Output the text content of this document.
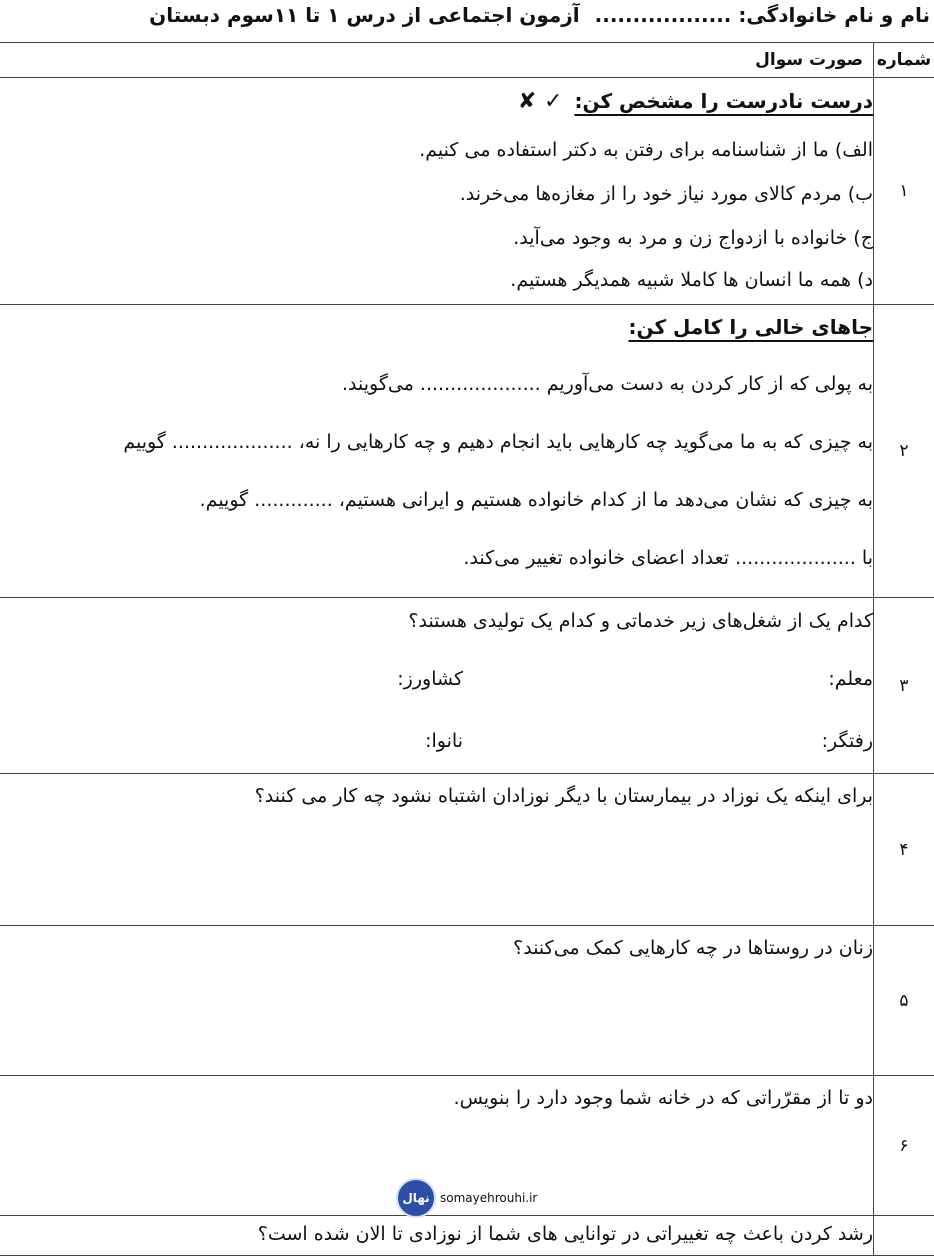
نام و نام خانوادگی: .................. آزمون اجتماعی از درس ۱ تا ۱۱سوم دبستان
شماره	صورت سوال
۱	درست نادرست را مشخص کن: ✓ ✘
الف) ما از شناسنامه برای رفتن به دکتر استفاده می کنیم.
ب) مردم کالای مورد نیاز خود را از مغازه‌ها می‌خرند.
ج) خانواده با ازدواج زن و مرد به وجود می‌آید.
د) همه ما انسان ها کاملا شبیه همدیگر هستیم.

۲	جاهای خالی را کامل کن:
به پولی که از کار کردن به دست می‌آوریم .................... می‌گویند.
به چیزی که به ما می‌گوید چه کارهایی باید انجام دهیم و چه کارهایی را نه، .................... گوییم
به چیزی که نشان می‌دهد ما از کدام خانواده هستیم و ایرانی هستیم، ............. گوییم.
با .................... تعداد اعضای خانواده تغییر می‌کند.

۳	کدام یک از شغل‌های زیر خدماتی و کدام یک تولیدی هستند؟
معلم:
کشاورز:
رفتگر:
نانوا:

۴	برای اینکه یک نوزاد در بیمارستان با دیگر نوزادان اشتباه نشود چه کار می کنند؟

۵	زنان در روستاها در چه کارهایی کمک می‌کنند؟

۶	دو تا از مقرّراتی که در خانه شما وجود دارد را بنویس.

	رشد کردن باعث چه تغییراتی در توانایی های شما از نوزادی تا الان شده است؟
نهال somayehrouhi.ir
